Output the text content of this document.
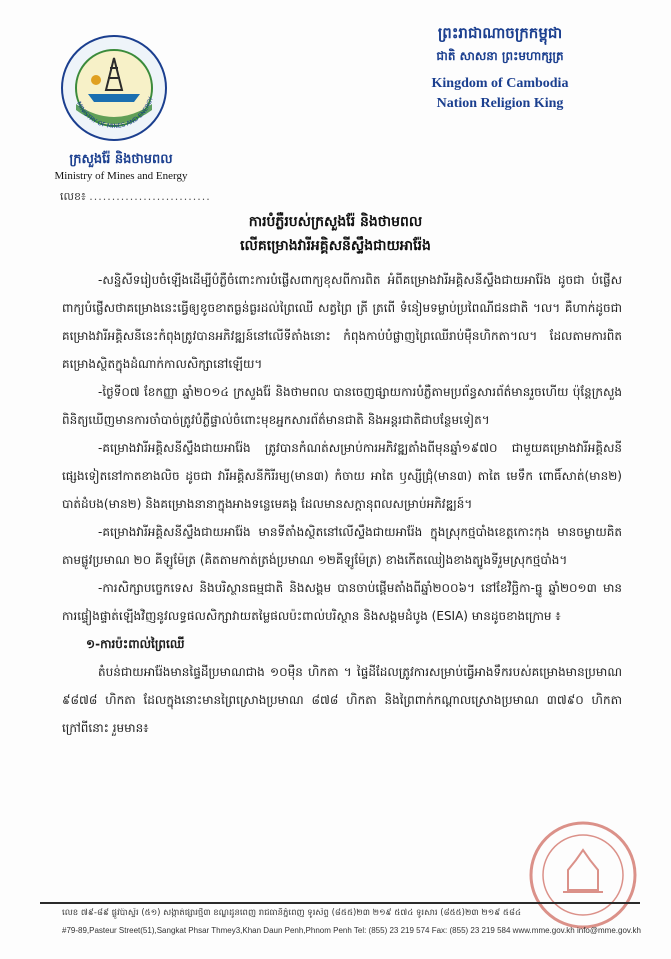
MINISTRY OF MINES AND ENERGY
ក្រសួងរ៉ែ និងថាមពល
Ministry of Mines and Energy
លេខ៖ ...........................
ព្រះរាជាណាចក្រកម្ពុជា
ជាតិ សាសនា ព្រះមហាក្សត្រ
Kingdom of Cambodia
Nation Religion King
ការបំភ្លឺរបស់ក្រសួងរ៉ែ និងថាមពល
លើគម្រោងវារីអគ្គិសនីស្ទឹងជាយអារ៉ែង

-សន្និសីទរៀបចំឡើងដើម្បីបំភ្លឺចំពោះការបំផ្លើសពាក្យខុសពីការពិត អំពីគម្រោងវារីអគ្គិសនីស្ទឹងជាយអារ៉ែង ដូចជា បំផ្លើសពាក្យបំផ្លើសថាគម្រោងនេះធ្វើឲ្យខូចខាតធ្ងន់ធ្ងរដល់ព្រៃឈើ សត្វព្រៃ ត្រី ត្រពើ ទំនៀមទម្លាប់ប្រពៃណីជនជាតិ ។ល។ គឺហាក់ដូចជាគម្រោងវារីអគ្គិសនីនេះកំពុងត្រូវបានអភិវឌ្ឍន៍នៅលើទីតាំងនោះ កំពុងកាប់បំផ្លាញព្រៃឈើរាប់ម៉ឺនហិកតា។ល។ ដែលតាមការពិតគម្រោងស្ថិតក្នុងដំណាក់កាលសិក្សានៅឡើយ។

-ថ្ងៃទី០៧ ខែកញ្ញា ឆ្នាំ២០១៤ ក្រសួងរ៉ែ និងថាមពល បានចេញផ្សាយការបំភ្លឺតាមប្រព័ន្ធសារព័ត៌មានរួចហើយ ប៉ុន្តែក្រសួងពិនិត្យឃើញមានការចាំបាច់ត្រូវបំភ្លឺផ្ទាល់ចំពោះមុខអ្នកសារព័ត៌មានជាតិ និងអន្តរជាតិជាបន្ថែមទៀត។

-គម្រោងវារីអគ្គិសនីស្ទឹងជាយអារ៉ែង ត្រូវបានកំណត់សម្រាប់ការអភិវឌ្ឍតាំងពីមុនឆ្នាំ១៩៧០ ជាមួយគម្រោងវារីអគ្គិសនីផ្សេងទៀតនៅកាតខាងលិច ដូចជា វារីអគ្គិសនីកិរីរម្យ(មាន៣) កំចាយ អាតៃ ឫស្សីជ្រុំ(មាន៣) តាតៃ មេទឹក ពោធិ៍សាត់(មាន២) បាត់ដំបង(មាន២) និងគម្រោងនានាក្នុងអាងទន្លេមេគង្គ ដែលមានសក្តានុពលសម្រាប់អភិវឌ្ឍន៍។

-គម្រោងវារីអគ្គិសនីស្ទឹងជាយអារ៉ែង មានទីតាំងស្ថិតនៅលើស្ទឹងជាយអារ៉ែង ក្នុងស្រុកថ្មបាំងខេត្តកោះកុង មានចម្ងាយគិតតាមផ្លូវប្រមាណ ២០ គីឡូម៉ែត្រ (គិតតាមកាត់ត្រង់ប្រមាណ ១២គីឡូម៉ែត្រ) ខាងកើតឈៀងខាងត្បូងទីរួមស្រុកថ្មបាំង។

-ការសិក្សាបច្ចេកទេស និងបរិស្ថានធម្មជាតិ និងសង្គម បានចាប់ផ្តើមតាំងពីឆ្នាំ២០០៦។ នៅខែវិច្ឆិកា-ធ្នូ ឆ្នាំ២០១៣ មានការផ្ទៀងផ្ទាត់ឡើងវិញនូវលទ្ធផលសិក្សាវាយតម្លៃផលប៉ះពាល់បរិស្ថាន និងសង្គមដំបូង (ESIA) មានដូចខាងក្រោម ៖

១-ការប៉ះពាល់ព្រៃឈើ

តំបន់ជាយអារ៉ែងមានផ្ទៃដីប្រមាណជាង ១០ម៉ឺន ហិកតា ។ ផ្ទៃដីដែលត្រូវការសម្រាប់ធ្វើអាងទឹករបស់គម្រោងមានប្រមាណ ៩៨៧៨ ហិកតា ដែលក្នុងនោះមានព្រៃស្រោងប្រមាណ ៨៧៨ ហិកតា និងព្រៃពាក់កណ្តាលស្រោងប្រមាណ ៣៧៩០ ហិកតា ក្រៅពីនោះ រួមមាន៖

លេខ ៧៩-៨៩ ផ្លូវប៉ាស្ទ័រ (៥១) សង្កាត់ផ្សារថ្មី៣ ខណ្ឌដូនពេញ រាជធានីភ្នំពេញ ទូរស័ព្ទ (៨៥៥)២៣ ២១៩ ៥៧៤ ទូរសារ (៨៥៥)២៣ ២១៩ ៥៨៤
#79-89,Pasteur Street(51),Sangkat Phsar Thmey3,Khan Daun Penh,Phnom Penh Tel: (855) 23 219 574 Fax: (855) 23 219 584 www.mme.gov.kh info@mme.gov.kh
